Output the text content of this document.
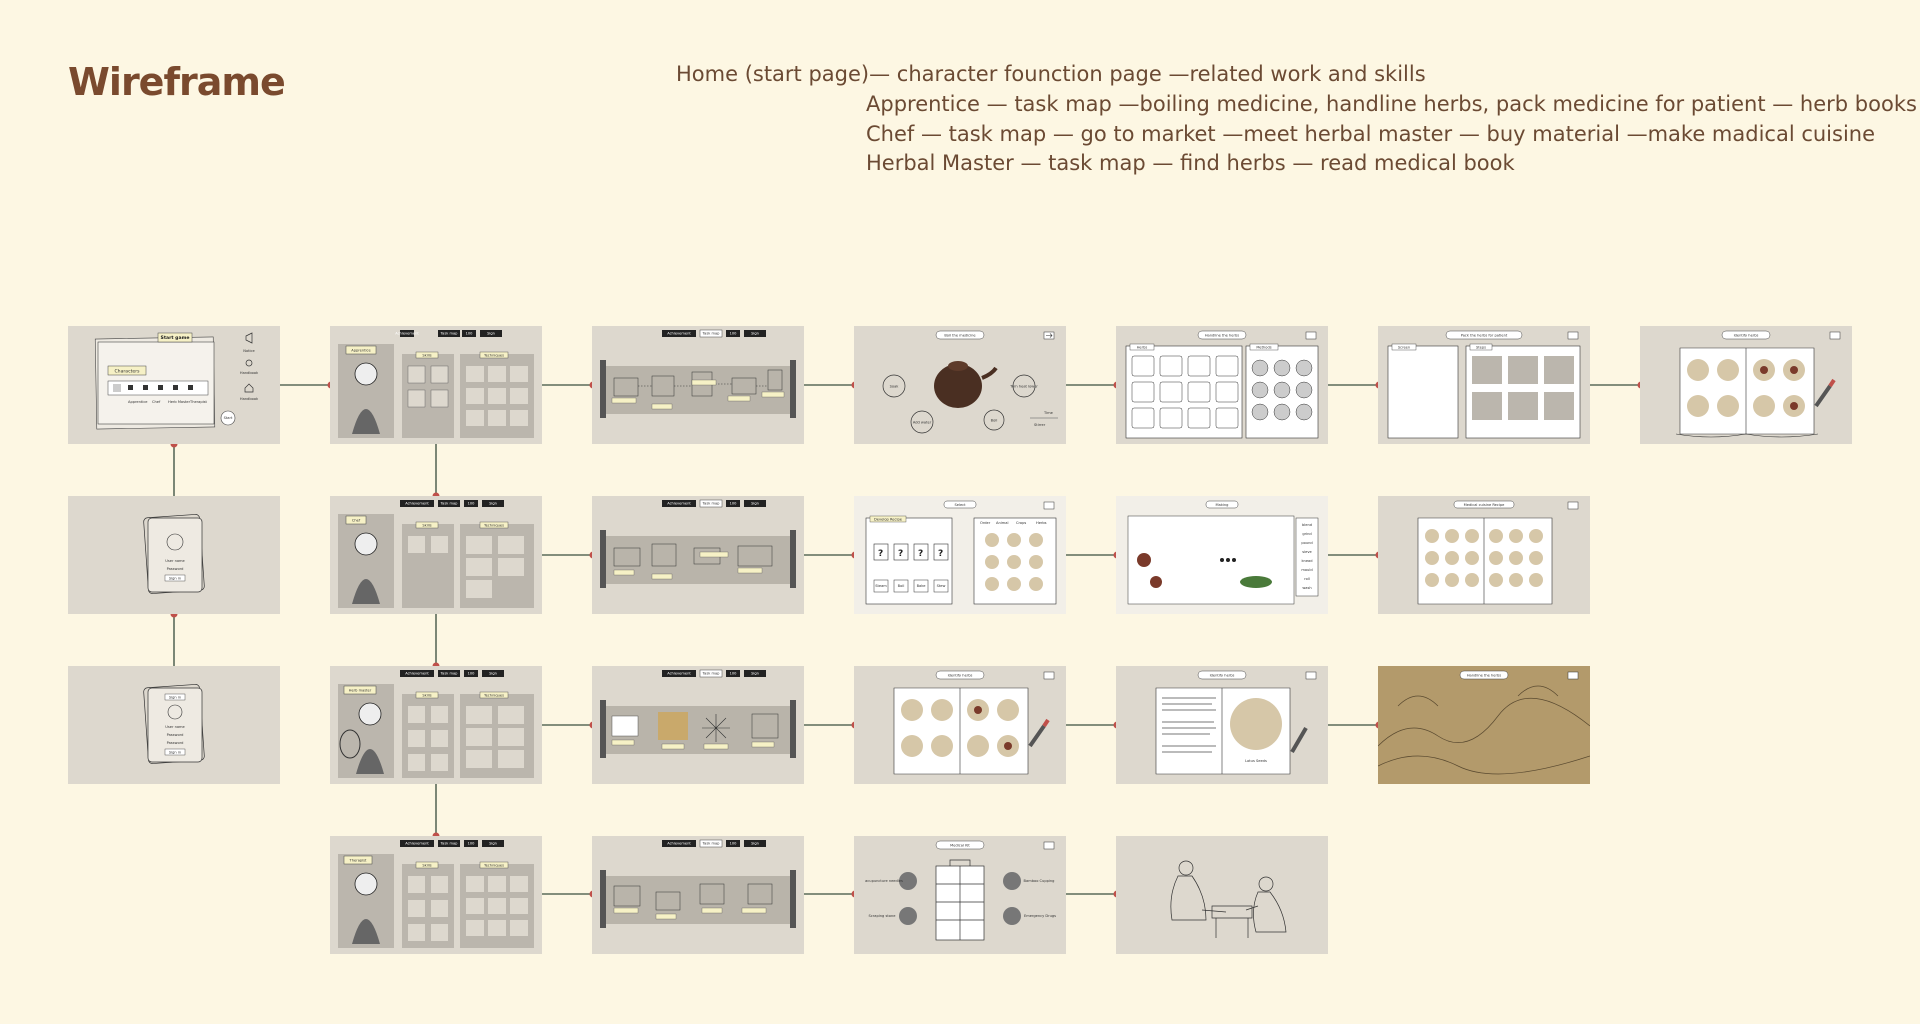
Wireframe	Home (start page)— character founction page —related work and skills
Apprentice — task map —boiling medicine, handline herbs, pack medicine for patient — herb books
Chef — task map — go to market —meet herbal master — buy material —make madical cuisine
Herbal Master — task map — find herbs — read medical book
Start game
Characters
Apprentice Chef Herb Master Therapist
Start
Notice
Handbook
Handbook
Achievement	Task map 100	Sign
Apprentice
Skills	Techniques
Achievement	Task map	100	Sign	Boil the medicine
Soak
Add water	Boil
Turn heat lower
Time
Stirrer
Handline the herbs
Herbs	Methods
Pack the herbs for patient
Screen	Steps
Identify herbs
User name
Password
Sign in
Achievement	Task map	100	Sign
Chef
Skills	Techniques
Achievement	Task map	100	Sign	Select
Develop Recipe
? ? ? ?
Steam	Boil	Bake	Stew
Order Animal Crops	Herbs
Making
blend
grind
pound
sieve
knead
mould
roll
wash
Medical cuisine Recipe
Sign in
User name
Password
Password
Sign in
Achievement	Task map	100	Sign
Herb master
Skills	Techniques
Achievement	Task map	100	Sign	Identify herbs	Identify herbs
Lotus Seeds
Handline the herbs
Achievement	Task map	100	Sign
Therapist
Skills	Techniques
Achievement	Task map	100	Sign	Medical Kit
acupuncture needles	Bamboo Cupping
Scraping stone	Emergency Drugs
